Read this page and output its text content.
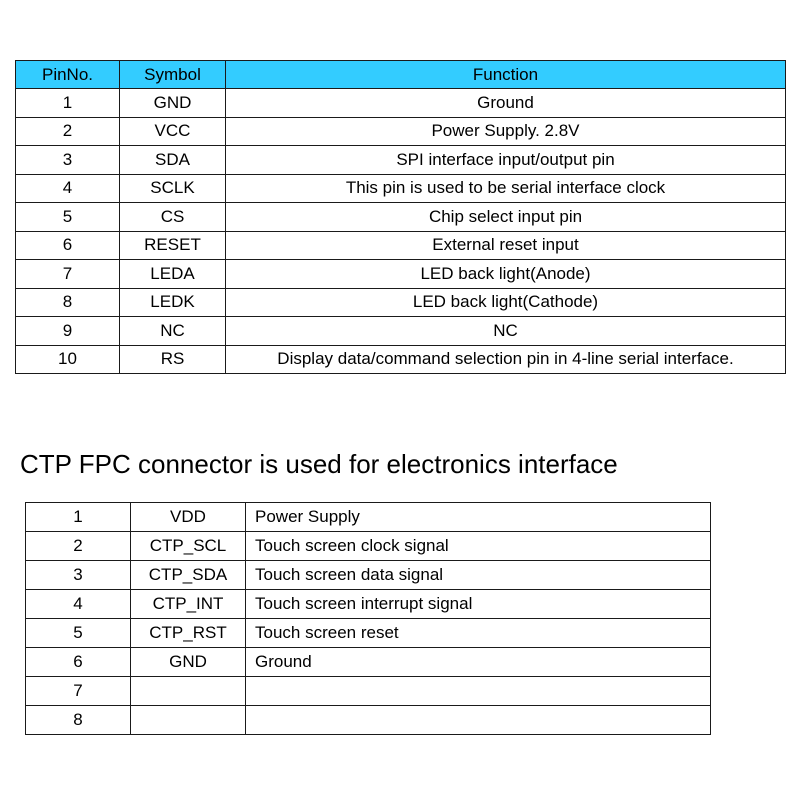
PinNo.	Symbol	Function
1	GND	Ground
2	VCC	Power Supply. 2.8V
3	SDA	SPI interface input/output pin
4	SCLK	This pin is used to be serial interface clock
5	CS	Chip select input pin
6	RESET	External reset input
7	LEDA	LED back light(Anode)
8	LEDK	LED back light(Cathode)
9	NC	NC
10	RS	Display data/command selection pin in 4-line serial interface.
CTP FPC connector is used for electronics interface
1	VDD	Power Supply
2	CTP_SCL	Touch screen clock signal
3	CTP_SDA	Touch screen data signal
4	CTP_INT	Touch screen interrupt signal
5	CTP_RST	Touch screen reset
6	GND	Ground
7		
8		
